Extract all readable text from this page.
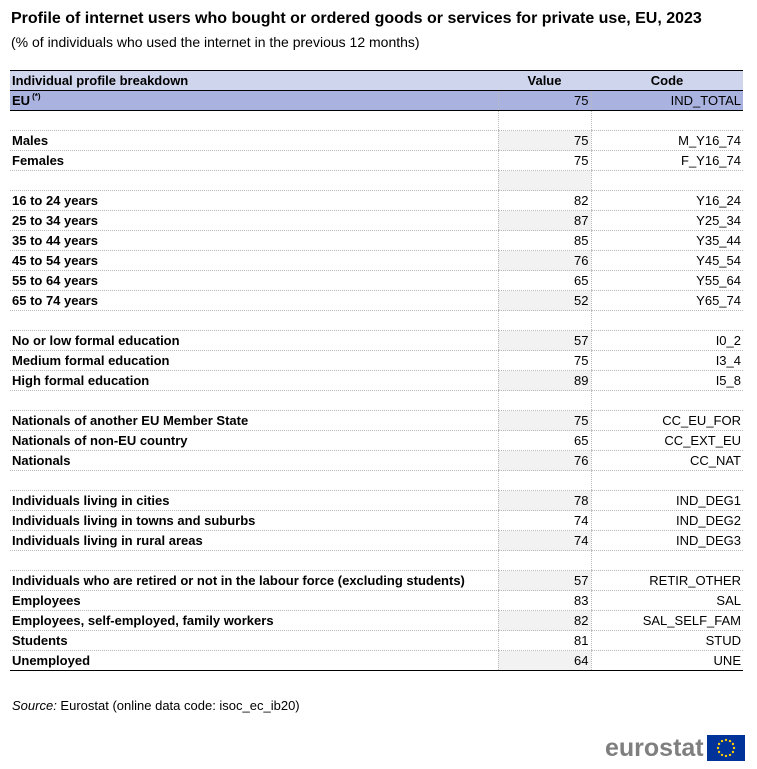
Profile of internet users who bought or ordered goods or services for private use, EU, 2023
(% of individuals who used the internet in the previous 12 months)
Individual profile breakdown	Value	Code
EU (*)	75	IND_TOTAL

Males	75	M_Y16_74
Females	75	F_Y16_74

16 to 24 years	82	Y16_24
25 to 34 years	87	Y25_34
35 to 44 years	85	Y35_44
45 to 54 years	76	Y45_54
55 to 64 years	65	Y55_64
65 to 74 years	52	Y65_74

No or low formal education	57	I0_2
Medium formal education	75	I3_4
High formal education	89	I5_8

Nationals of another EU Member State	75	CC_EU_FOR
Nationals of non-EU country	65	CC_EXT_EU
Nationals	76	CC_NAT

Individuals living in cities	78	IND_DEG1
Individuals living in towns and suburbs	74	IND_DEG2
Individuals living in rural areas	74	IND_DEG3

Individuals who are retired or not in the labour force (excluding students)	57	RETIR_OTHER
Employees	83	SAL
Employees, self-employed, family workers	82	SAL_SELF_FAM
Students	81	STUD
Unemployed	64	UNE
Source: Eurostat (online data code: isoc_ec_ib20)
eurostat
